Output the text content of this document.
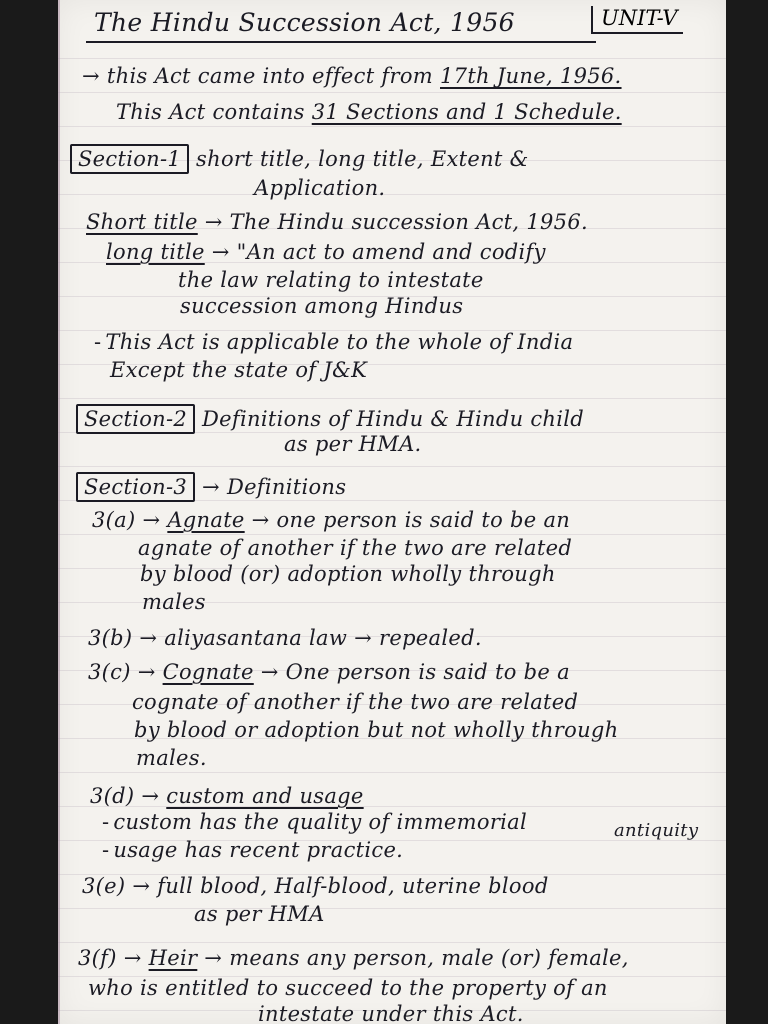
The Hindu Succession Act, 1956	UNIT-V
→ this Act came into effect from 17th June, 1956.
This Act contains 31 Sections and 1 Schedule.
Section-1 short title, long title, Extent &
Application.
Short title → The Hindu succession Act, 1956.
long title → "An act to amend and codify
the law relating to intestate
succession among Hindus
- This Act is applicable to the whole of India
Except the state of J&K
Section-2 Definitions of Hindu & Hindu child
as per HMA.
Section-3 → Definitions
3(a) → Agnate → one person is said to be an
agnate of another if the two are related
by blood (or) adoption wholly through
males
3(b) → aliyasantana law → repealed.
3(c) → Cognate → One person is said to be a
cognate of another if the two are related
by blood or adoption but not wholly through
males.
3(d) → custom and usage
- custom has the quality of immemorial	antiquity
- usage has recent practice.
3(e) → full blood, Half-blood, uterine blood
as per HMA
3(f) → Heir → means any person, male (or) female,
who is entitled to succeed to the property of an
intestate under this Act.
